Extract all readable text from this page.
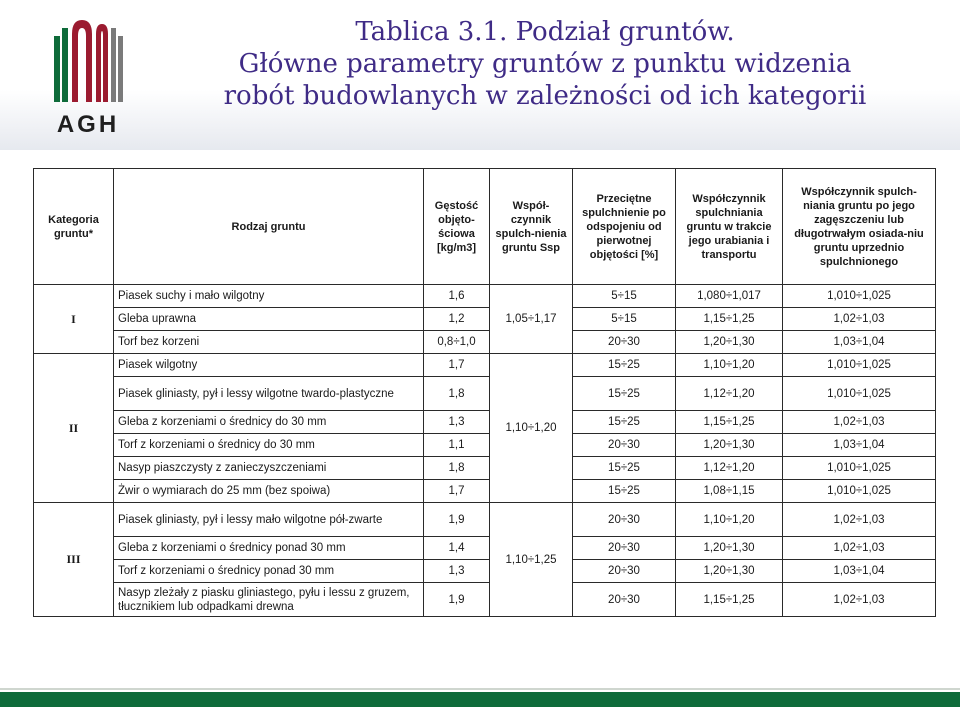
AGH
Tablica 3.1. Podział gruntów.
Główne parametry gruntów z punktu widzenia
robót budowlanych w zależności od ich kategorii
Kategoria gruntu*	Rodzaj gruntu	Gęstość objęto-ściowa [kg/m3]	Współ-czynnik spulch-nienia gruntu Ssp	Przeciętne spulchnienie po odspojeniu od pierwotnej objętości [%]	Współczynnik spulchniania gruntu w trakcie jego urabiania i transportu	Współczynnik spulch-niania gruntu po jego zagęszczeniu lub długotrwałym osiada-niu gruntu uprzednio spulchnionego
I	Piasek suchy i mało wilgotny	1,6	1,05÷1,17	5÷15	1,080÷1,017	1,010÷1,025
	Gleba uprawna	1,2		5÷15	1,15÷1,25	1,02÷1,03
	Torf bez korzeni	0,8÷1,0		20÷30	1,20÷1,30	1,03÷1,04
II	Piasek wilgotny	1,7	1,10÷1,20	15÷25	1,10÷1,20	1,010÷1,025
	Piasek gliniasty, pył i lessy wilgotne twardo-plastyczne	1,8		15÷25	1,12÷1,20	1,010÷1,025
	Gleba z korzeniami o średnicy do 30 mm	1,3		15÷25	1,15÷1,25	1,02÷1,03
	Torf z korzeniami o średnicy do 30 mm	1,1		20÷30	1,20÷1,30	1,03÷1,04
	Nasyp piaszczysty z zanieczyszczeniami	1,8		15÷25	1,12÷1,20	1,010÷1,025
	Żwir o wymiarach do 25 mm (bez spoiwa)	1,7		15÷25	1,08÷1,15	1,010÷1,025
III	Piasek gliniasty, pył i lessy mało wilgotne pół-zwarte	1,9	1,10÷1,25	20÷30	1,10÷1,20	1,02÷1,03
	Gleba z korzeniami o średnicy ponad 30 mm	1,4		20÷30	1,20÷1,30	1,02÷1,03
	Torf z korzeniami o średnicy ponad 30 mm	1,3		20÷30	1,20÷1,30	1,03÷1,04
	Nasyp zleżały z piasku gliniastego, pyłu i lessu z gruzem, tłucznikiem lub odpadkami drewna	1,9		20÷30	1,15÷1,25	1,02÷1,03
